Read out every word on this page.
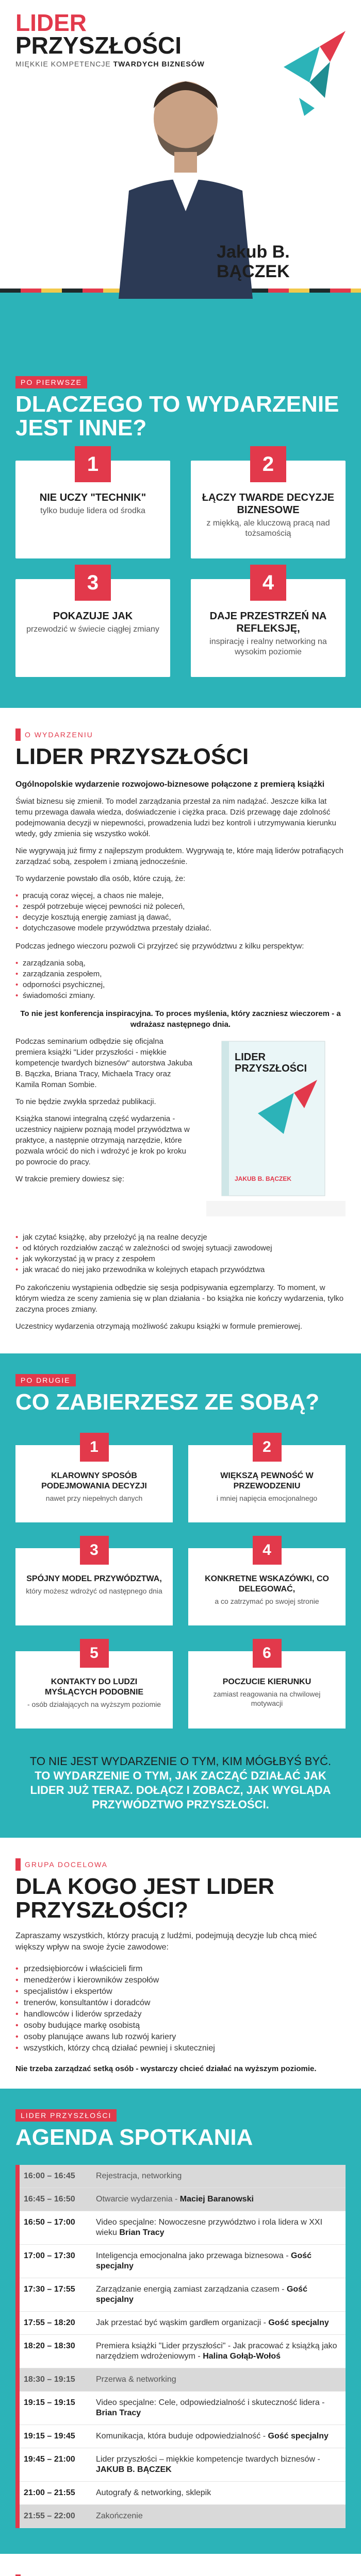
LIDER
PRZYSZŁOŚCI
MIĘKKIE KOMPETENCJE TWARDYCH BIZNESÓW
Jakub B.
BĄCZEK
PO PIERWSZE
DLACZEGO TO WYDARZENIE JEST INNE?
1
NIE UCZY "TECHNIK"
tylko buduje lidera od środka
2
ŁĄCZY TWARDE DECYZJE BIZNESOWE
z miękką, ale kluczową pracą nad tożsamością
3
POKAZUJE JAK
przewodzić w świecie ciągłej zmiany
4
DAJE PRZESTRZEŃ NA REFLEKSJĘ,
inspirację i realny networking na wysokim poziomie
O WYDARZENIU
LIDER PRZYSZŁOŚCI

Ogólnopolskie wydarzenie rozwojowo-biznesowe połączone z premierą książki

Świat biznesu się zmienił. To model zarządzania przestał za nim nadążać. Jeszcze kilka lat temu przewaga dawała wiedza, doświadczenie i ciężka praca. Dziś przewagę daje zdolność podejmowania decyzji w niepewności, prowadzenia ludzi bez kontroli i utrzymywania kierunku wtedy, gdy zmienia się wszystko wokół.

Nie wygrywają już firmy z najlepszym produktem. Wygrywają te, które mają liderów potrafiących zarządzać sobą, zespołem i zmianą jednocześnie.

To wydarzenie powstało dla osób, które czują, że:

• pracują coraz więcej, a chaos nie maleje,
• zespół potrzebuje więcej pewności niż poleceń,
• decyzje kosztują energię zamiast ją dawać,
• dotychczasowe modele przywództwa przestały działać.

Podczas jednego wieczoru pozwoli Ci przyjrzeć się przywództwu z kilku perspektyw:

• zarządzania sobą,
• zarządzania zespołem,
• odporności psychicznej,
• świadomości zmiany.

To nie jest konferencja inspiracyjna. To proces myślenia, który zaczniesz wieczorem - a wdrażasz następnego dnia.

LIDER PRZYSZŁOŚCI
JAKUB B. BĄCZEK

Podczas seminarium odbędzie się oficjalna premiera książki "Lider przyszłości - miękkie kompetencje twardych biznesów" autorstwa Jakuba B. Bączka, Briana Tracy, Michaela Tracy oraz Kamila Roman Sombie.

To nie będzie zwykła sprzedaż publikacji.

Książka stanowi integralną część wydarzenia - uczestnicy najpierw poznają model przywództwa w praktyce, a następnie otrzymają narzędzie, które pozwala wrócić do nich i wdrożyć je krok po kroku po powrocie do pracy.

W trakcie premiery dowiesz się:

• jak czytać książkę, aby przełożyć ją na realne decyzje
• od których rozdziałów zacząć w zależności od swojej sytuacji zawodowej
• jak wykorzystać ją w pracy z zespołem
• jak wracać do niej jako przewodnika w kolejnych etapach przywództwa

Po zakończeniu wystąpienia odbędzie się sesja podpisywania egzemplarzy. To moment, w którym wiedza ze sceny zamienia się w plan działania - bo książka nie kończy wydarzenia, tylko zaczyna proces zmiany.

Uczestnicy wydarzenia otrzymają możliwość zakupu książki w formule premierowej.

PO DRUGIE
CO ZABIERZESZ ZE SOBĄ?
1
KLAROWNY SPOSÓB PODEJMOWANIA DECYZJI
nawet przy niepełnych danych
2
WIĘKSZĄ PEWNOŚĆ W PRZEWODZENIU
i mniej napięcia emocjonalnego
3
SPÓJNY MODEL PRZYWÓDZTWA,
który możesz wdrożyć od następnego dnia
4
KONKRETNE WSKAZÓWKI, CO DELEGOWAĆ,
a co zatrzymać po swojej stronie
5
KONTAKTY DO LUDZI MYŚLĄCYCH PODOBNIE
- osób działających na wyższym poziomie
6
POCZUCIE KIERUNKU
zamiast reagowania na chwilowej motywacji
TO NIE JEST WYDARZENIE O TYM, KIM MÓGŁBYŚ BYĆ. TO WYDARZENIE O TYM, JAK ZACZĄĆ DZIAŁAĆ JAK LIDER JUŻ TERAZ. DOŁĄCZ I ZOBACZ, JAK WYGLĄDA PRZYWÓDZTWO PRZYSZŁOŚCI.
GRUPA DOCELOWA
DLA KOGO JEST LIDER PRZYSZŁOŚCI?

Zapraszamy wszystkich, którzy pracują z ludźmi, podejmują decyzje lub chcą mieć większy wpływ na swoje życie zawodowe:

• przedsiębiorców i właścicieli firm
• menedżerów i kierowników zespołów
• specjalistów i ekspertów
• trenerów, konsultantów i doradców
• handlowców i liderów sprzedaży
• osoby budujące markę osobistą
• osoby planujące awans lub rozwój kariery
• wszystkich, którzy chcą działać pewniej i skuteczniej

Nie trzeba zarządzać setką osób - wystarczy chcieć działać na wyższym poziomie.

LIDER PRZYSZŁOŚCI
AGENDA SPOTKANIA
16:00 – 16:45	Rejestracja, networking
16:45 – 16:50	Otwarcie wydarzenia - Maciej Baranowski
16:50 – 17:00	Video specjalne: Nowoczesne przywództwo i rola lidera w XXI wieku Brian Tracy
17:00 – 17:30	Inteligencja emocjonalna jako przewaga biznesowa - Gość specjalny
17:30 – 17:55	Zarządzanie energią zamiast zarządzania czasem - Gość specjalny
17:55 – 18:20	Jak przestać być wąskim gardłem organizacji - Gość specjalny
18:20 – 18:30	Premiera książki "Lider przyszłości" - Jak pracować z książką jako narzędziem wdrożeniowym - Halina Gołąb-Wołoś
18:30 – 19:15	Przerwa & networking
19:15 – 19:15	Video specjalne: Cele, odpowiedzialność i skuteczność lidera - Brian Tracy
19:15 – 19:45	Komunikacja, która buduje odpowiedzialność - Gość specjalny
19:45 – 21:00	Lider przyszłości – miękkie kompetencje twardych biznesów - JAKUB B. BĄCZEK
21:00 – 21:55	Autografy & networking, sklepik
21:55 – 22:00	Zakończenie
